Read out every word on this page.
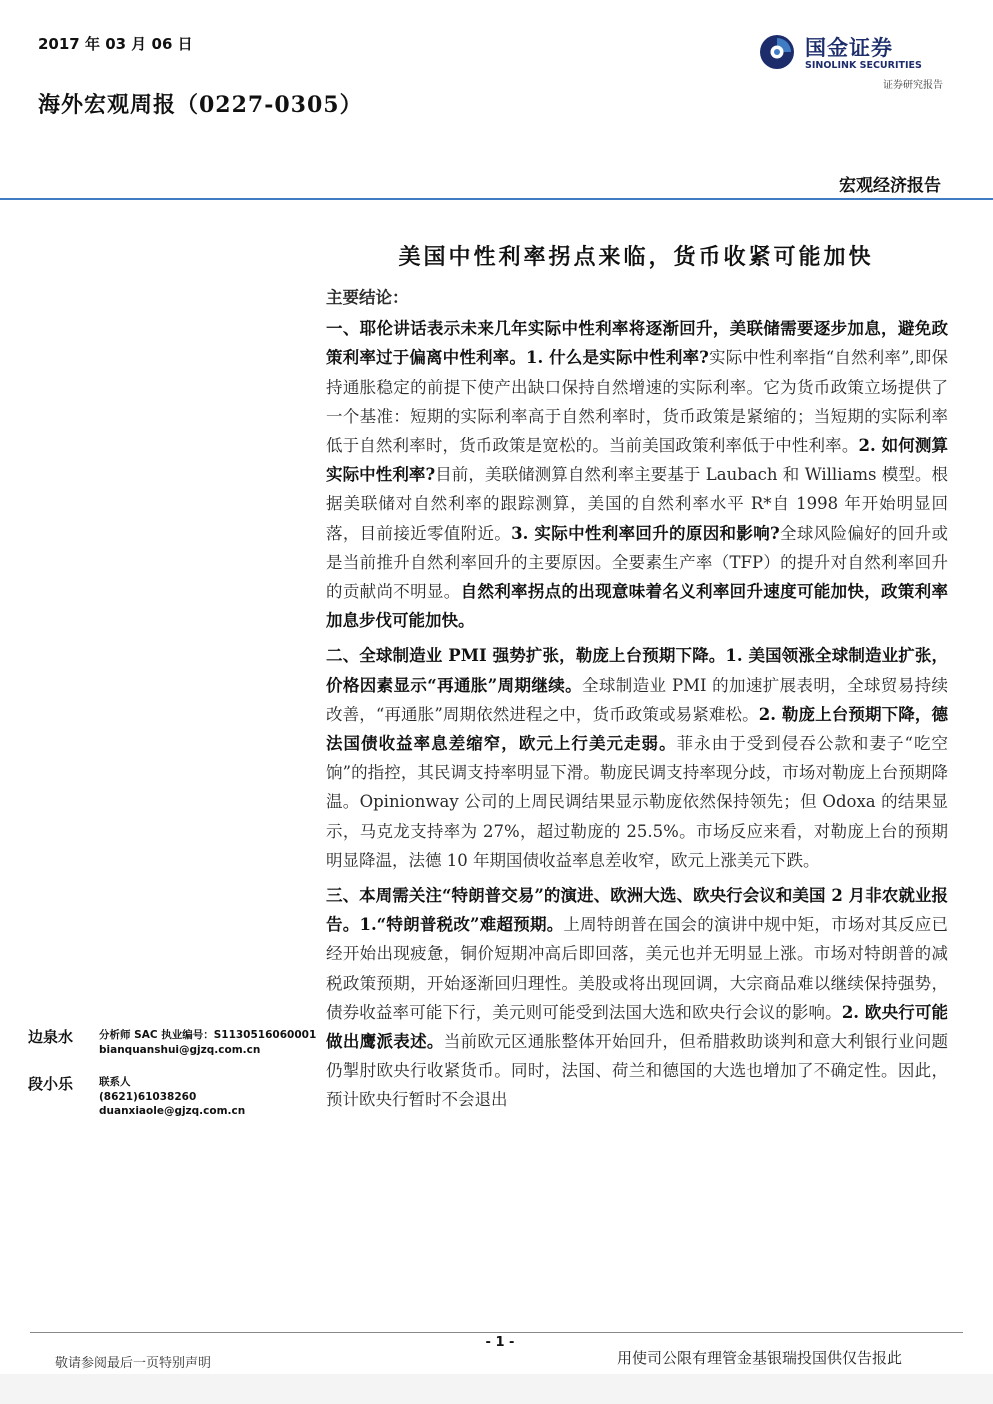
2017 年 03 月 06 日
海外宏观周报（0227-0305）
国金证券
SINOLINK SECURITIES
证券研究报告
宏观经济报告
美国中性利率拐点来临，货币收紧可能加快

主要结论：

一、耶伦讲话表示未来几年实际中性利率将逐渐回升，美联储需要逐步加息，避免政策利率过于偏离中性利率。1. 什么是实际中性利率?实际中性利率指“自然利率”,即保持通胀稳定的前提下使产出缺口保持自然增速的实际利率。它为货币政策立场提供了一个基准：短期的实际利率高于自然利率时，货币政策是紧缩的；当短期的实际利率低于自然利率时，货币政策是宽松的。当前美国政策利率低于中性利率。2. 如何测算实际中性利率?目前，美联储测算自然利率主要基于 Laubach 和 Williams 模型。根据美联储对自然利率的跟踪测算，美国的自然利率水平 R*自 1998 年开始明显回落，目前接近零值附近。3. 实际中性利率回升的原因和影响?全球风险偏好的回升或是当前推升自然利率回升的主要原因。全要素生产率（TFP）的提升对自然利率回升的贡献尚不明显。自然利率拐点的出现意味着名义利率回升速度可能加快，政策利率加息步伐可能加快。

二、全球制造业 PMI 强势扩张，勒庞上台预期下降。1. 美国领涨全球制造业扩张，价格因素显示“再通胀”周期继续。全球制造业 PMI 的加速扩展表明，全球贸易持续改善，“再通胀”周期依然进程之中，货币政策或易紧难松。2. 勒庞上台预期下降，德法国债收益率息差缩窄，欧元上行美元走弱。菲永由于受到侵吞公款和妻子“吃空饷”的指控，其民调支持率明显下滑。勒庞民调支持率现分歧，市场对勒庞上台预期降温。Opinionway 公司的上周民调结果显示勒庞依然保持领先；但 Odoxa 的结果显示，马克龙支持率为 27%，超过勒庞的 25.5%。市场反应来看，对勒庞上台的预期明显降温，法德 10 年期国债收益率息差收窄，欧元上涨美元下跌。

三、本周需关注“特朗普交易”的演进、欧洲大选、欧央行会议和美国 2 月非农就业报告。1.“特朗普税改”难超预期。上周特朗普在国会的演讲中规中矩，市场对其反应已经开始出现疲惫，铜价短期冲高后即回落，美元也并无明显上涨。市场对特朗普的减税政策预期，开始逐渐回归理性。美股或将出现回调，大宗商品难以继续保持强势，债券收益率可能下行，美元则可能受到法国大选和欧央行会议的影响。2. 欧央行可能做出鹰派表述。当前欧元区通胀整体开始回升，但希腊救助谈判和意大利银行业问题仍掣肘欧央行收紧货币。同时，法国、荷兰和德国的大选也增加了不确定性。因此，预计欧央行暂时不会退出

边泉水 分析师 SAC 执业编号：S1130516060001
bianquanshui@gjzq.com.cn
段小乐 联系人
(8621)61038260
duanxiaole@gjzq.com.cn
- 1 -
敬请参阅最后一页特别声明	用使司公限有理管金基银瑞投国供仅告报此
